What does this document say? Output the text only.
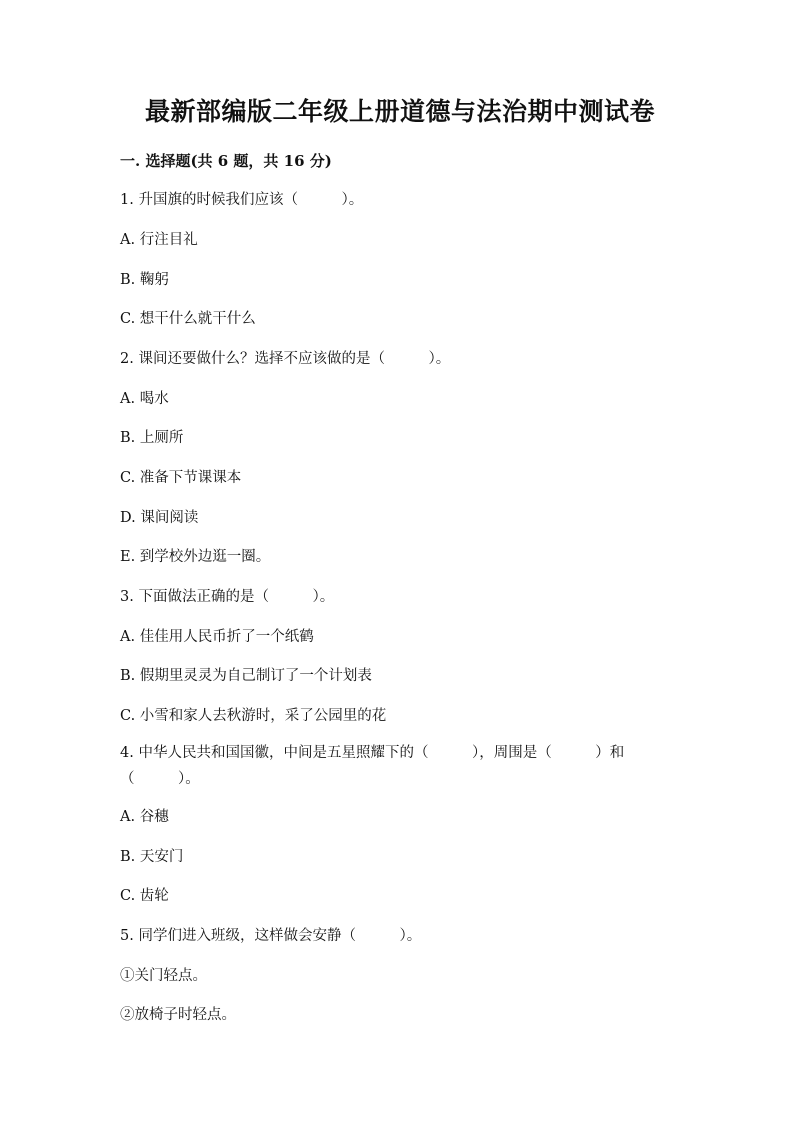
最新部编版二年级上册道德与法治期中测试卷
一. 选择题(共 6 题，共 16 分)
1. 升国旗的时候我们应该（　　　）。
A. 行注目礼
B. 鞠躬
C. 想干什么就干什么
2. 课间还要做什么？选择不应该做的是（　　　）。
A. 喝水
B. 上厕所
C. 准备下节课课本
D. 课间阅读
E. 到学校外边逛一圈。
3. 下面做法正确的是（　　　）。
A. 佳佳用人民币折了一个纸鹤
B. 假期里灵灵为自己制订了一个计划表
C. 小雪和家人去秋游时，采了公园里的花
4. 中华人民共和国国徽，中间是五星照耀下的（　　　），周围是（　　　）和（　　　）。
A. 谷穗
B. 天安门
C. 齿轮
5. 同学们进入班级，这样做会安静（　　　）。
①关门轻点。
②放椅子时轻点。
